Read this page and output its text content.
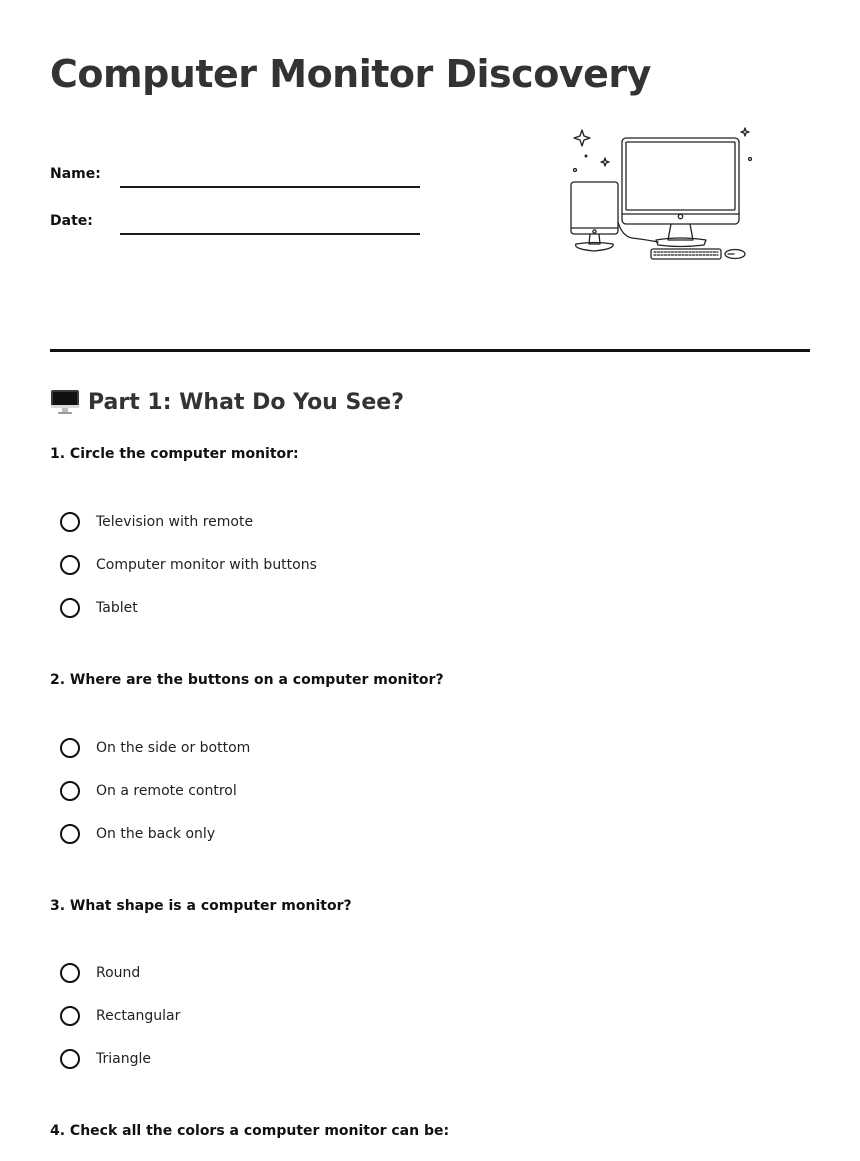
Computer Monitor Discovery
Name:
Date:
Part 1: What Do You See?

1. Circle the computer monitor:

Television with remote
Computer monitor with buttons
Tablet

2. Where are the buttons on a computer monitor?

On the side or bottom
On a remote control
On the back only

3. What shape is a computer monitor?

Round
Rectangular
Triangle

4. Check all the colors a computer monitor can be:
